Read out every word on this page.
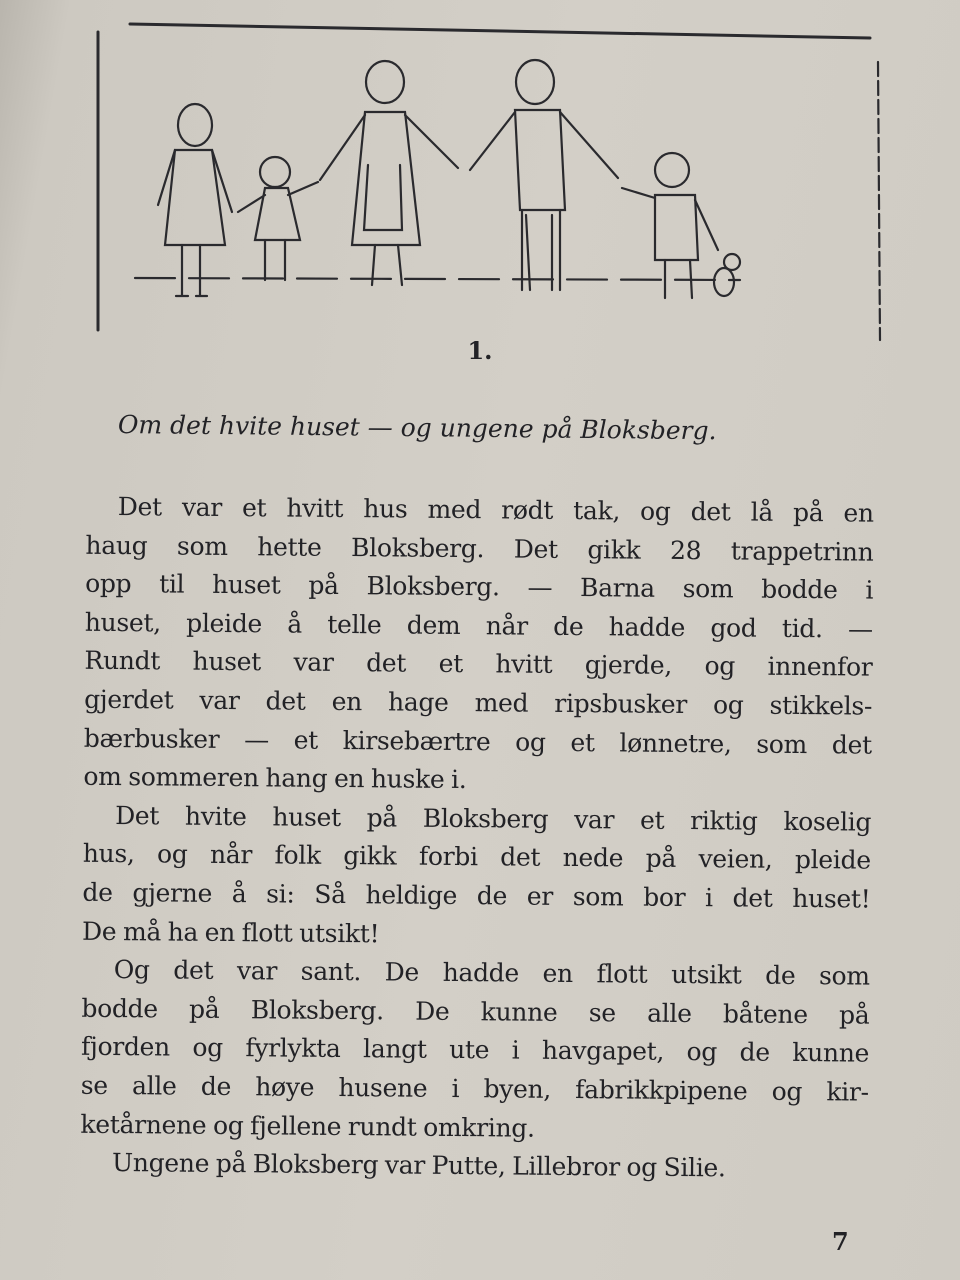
1.
Om det hvite huset — og ungene på Bloksberg.
Det var et hvitt hus med rødt tak, og det lå på en
haug som hette Bloksberg. Det gikk 28 trappetrinn
opp til huset på Bloksberg. — Barna som bodde i
huset, pleide å telle dem når de hadde god tid. —
Rundt huset var det et hvitt gjerde, og innenfor
gjerdet var det en hage med ripsbusker og stikkels-
bærbusker — et kirsebærtre og et lønnetre, som det
om sommeren hang en huske i.
Det hvite huset på Bloksberg var et riktig koselig
hus, og når folk gikk forbi det nede på veien, pleide
de gjerne å si: Så heldige de er som bor i det huset!
De må ha en flott utsikt!
Og det var sant. De hadde en flott utsikt de som
bodde på Bloksberg. De kunne se alle båtene på
fjorden og fyrlykta langt ute i havgapet, og de kunne
se alle de høye husene i byen, fabrikkpipene og kir-
ketårnene og fjellene rundt omkring.
Ungene på Bloksberg var Putte, Lillebror og Silie.
7
